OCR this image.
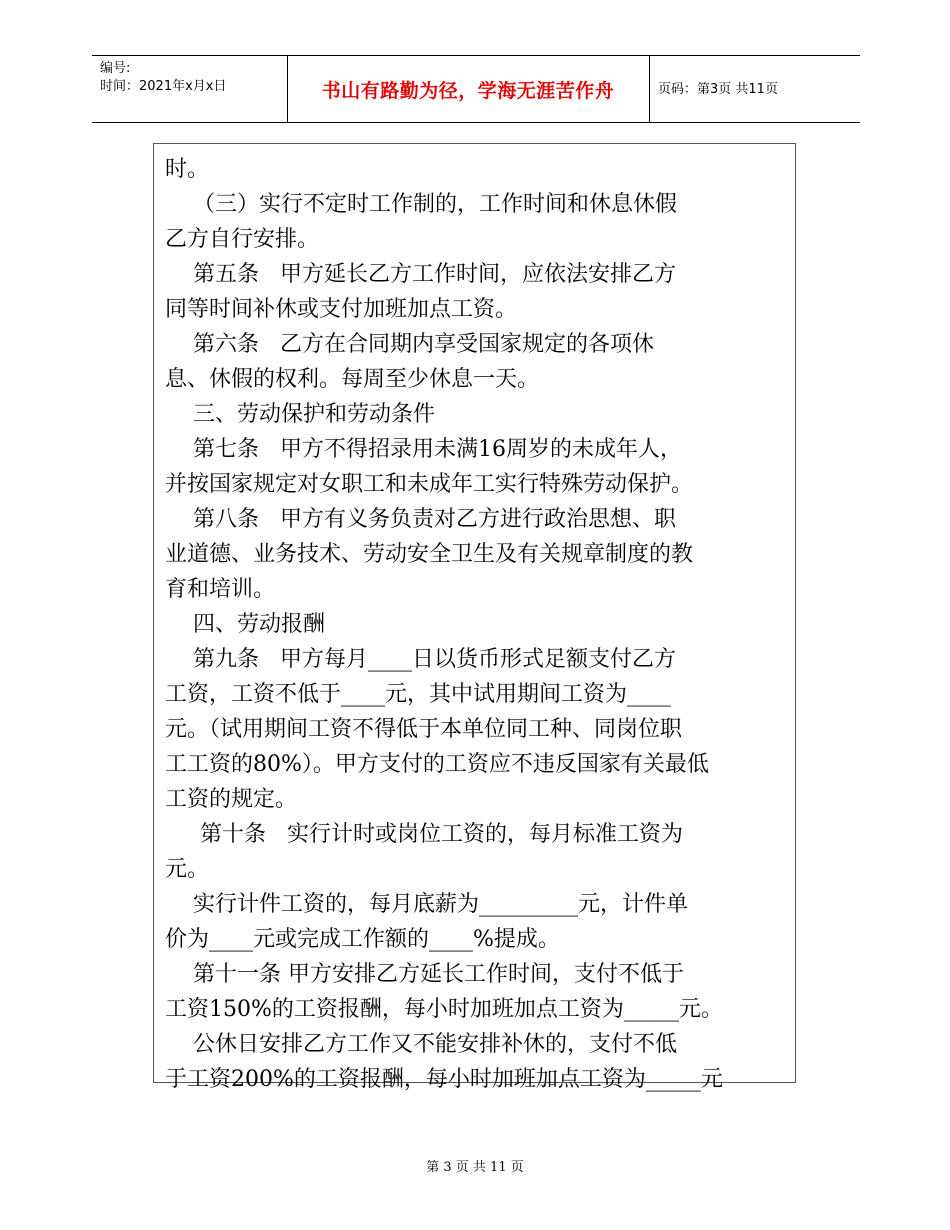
编号:
时间：2021年x月x日	书山有路勤为径，学海无涯苦作舟	页码：第3页 共11页
时。
（三）实行不定时工作制的，工作时间和休息休假
乙方自行安排。
第五条   甲方延长乙方工作时间，应依法安排乙方
同等时间补休或支付加班加点工资。
第六条   乙方在合同期内享受国家规定的各项休
息、休假的权利。每周至少休息一天。
三、劳动保护和劳动条件
第七条   甲方不得招录用未满16周岁的未成年人，
并按国家规定对女职工和未成年工实行特殊劳动保护。
第八条   甲方有义务负责对乙方进行政治思想、职
业道德、业务技术、劳动安全卫生及有关规章制度的教
育和培训。
四、劳动报酬
第九条   甲方每月____日以货币形式足额支付乙方
工资，工资不低于____元，其中试用期间工资为____
元。（试用期间工资不得低于本单位同工种、同岗位职
工工资的80%）。甲方支付的工资应不违反国家有关最低
工资的规定。
第十条   实行计时或岗位工资的，每月标准工资为
元。
实行计件工资的，每月底薪为_________元，计件单
价为____元或完成工作额的____%提成。
第十一条 甲方安排乙方延长工作时间，支付不低于
工资150%的工资报酬，每小时加班加点工资为_____元。
公休日安排乙方工作又不能安排补休的，支付不低
于工资200%的工资报酬，每小时加班加点工资为_____元
第 3 页 共 11 页
